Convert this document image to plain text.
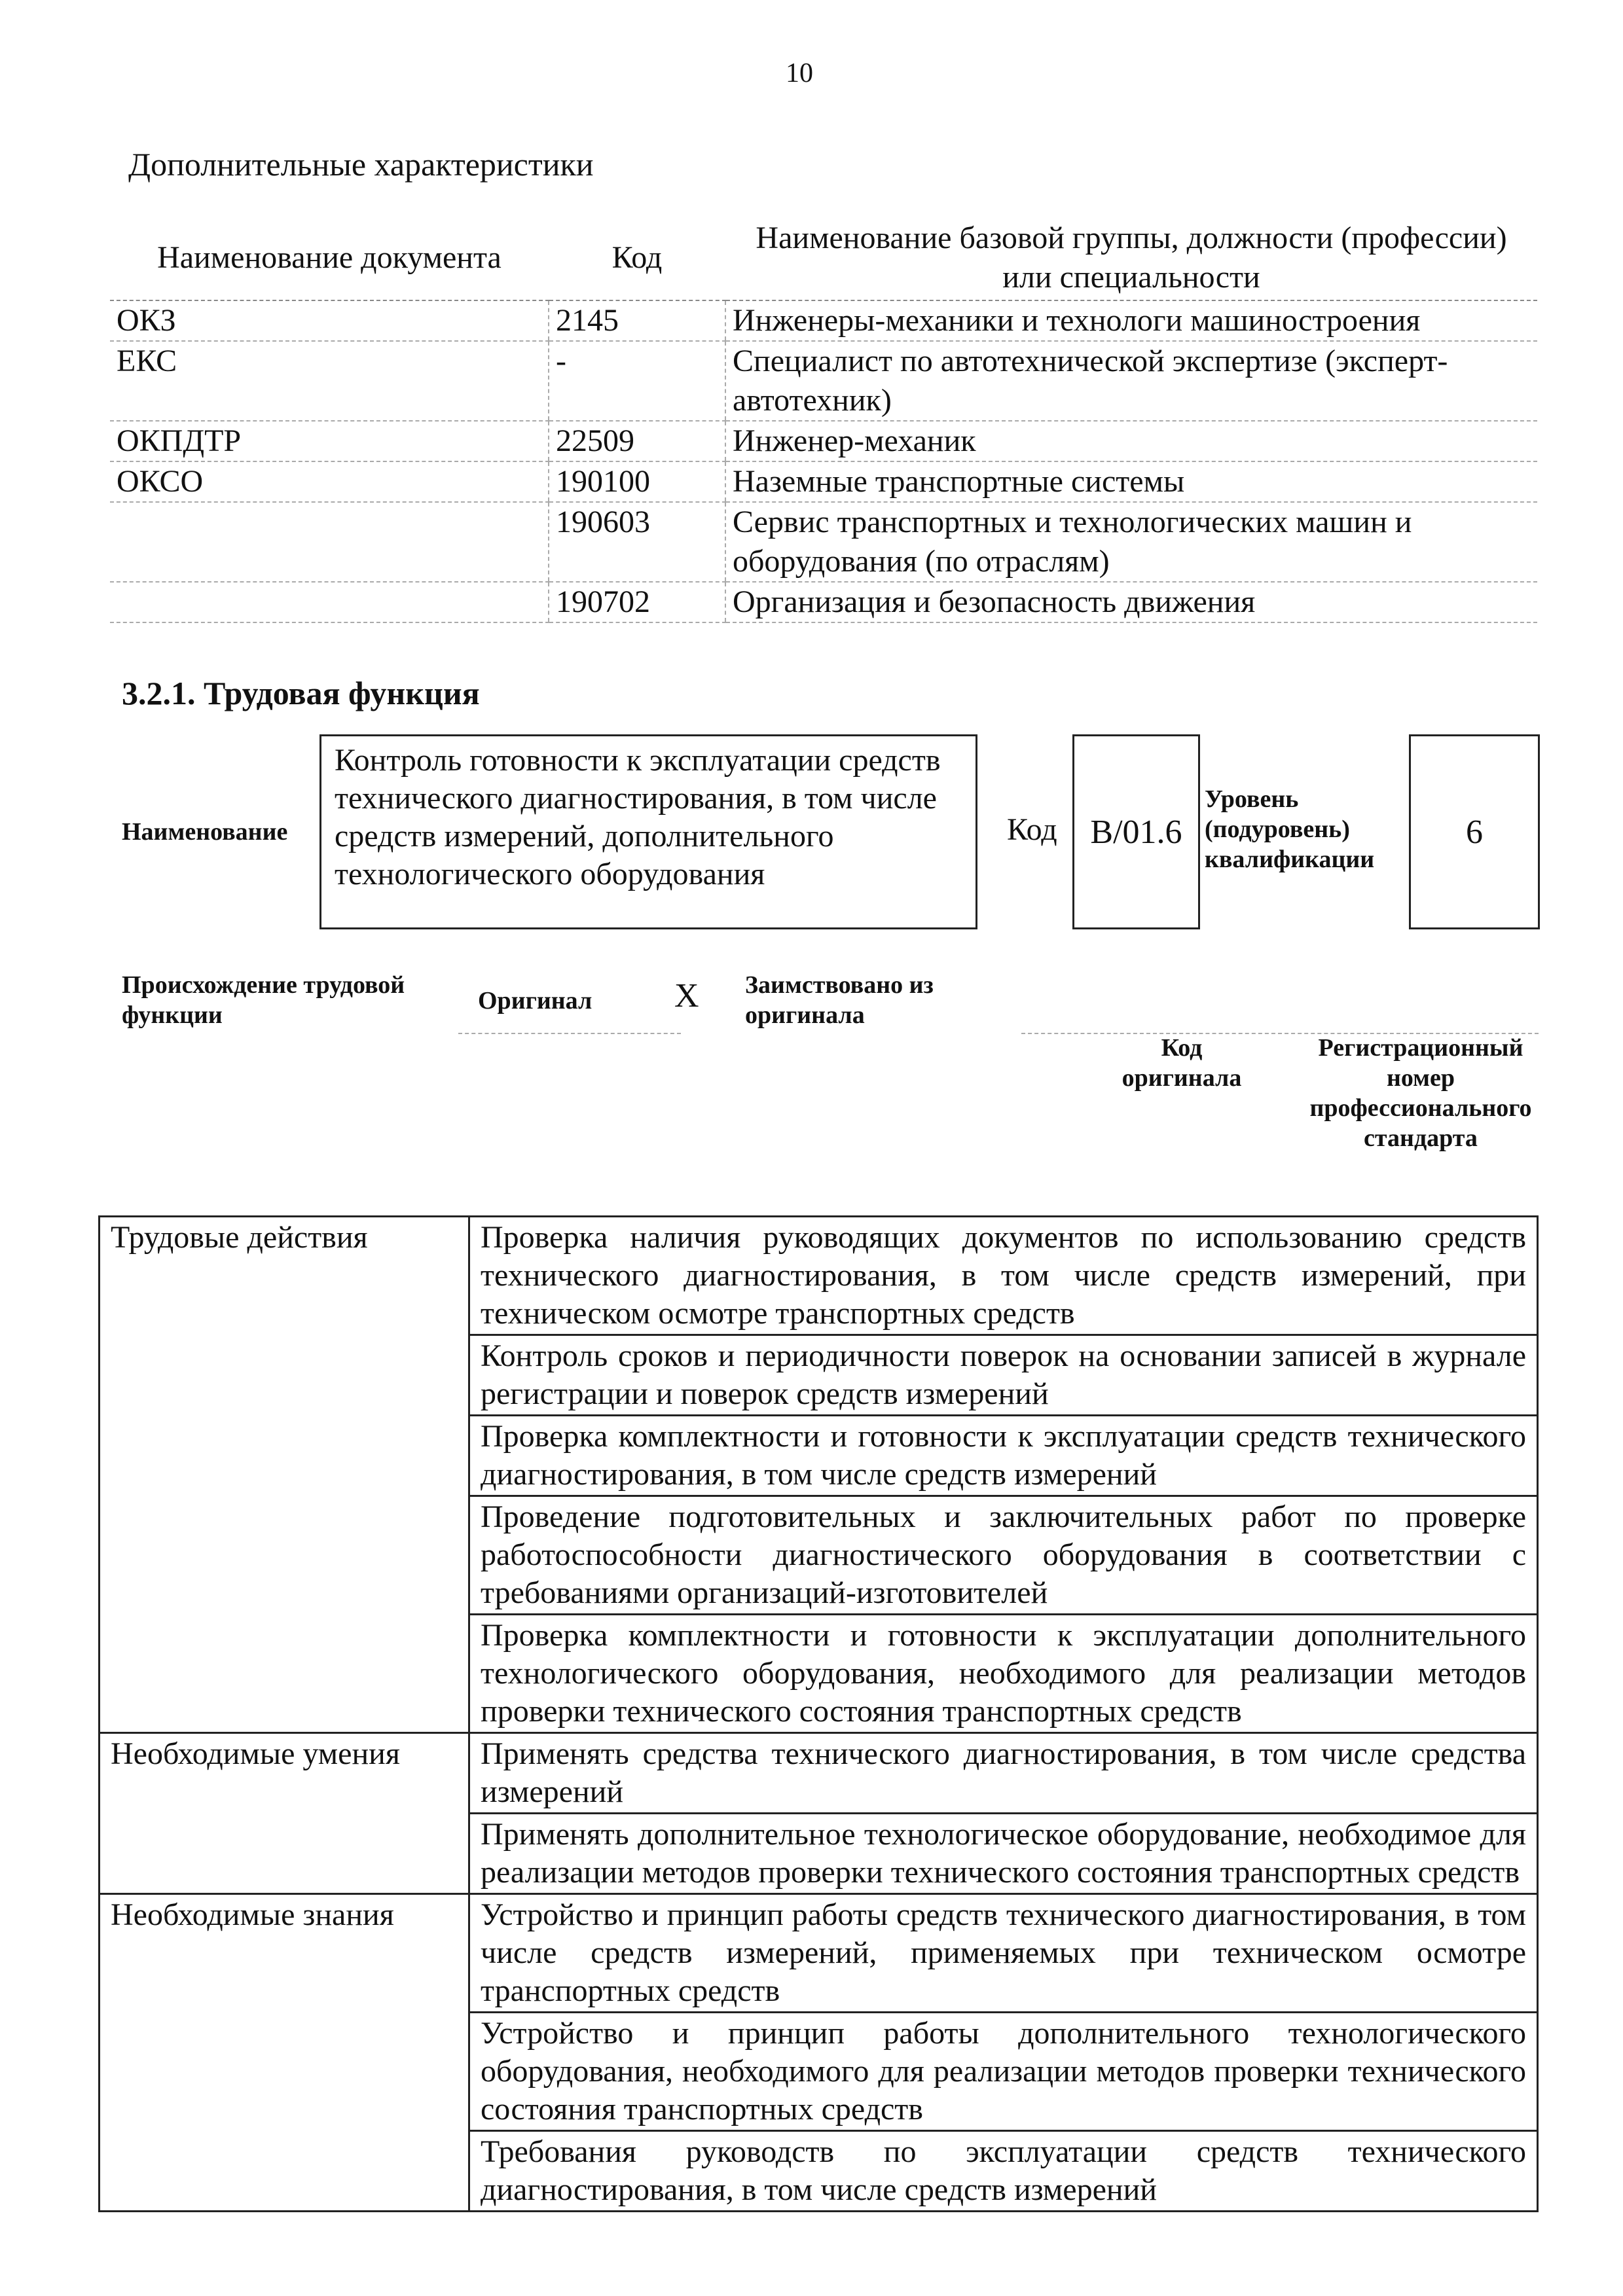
10
Дополнительные характеристики
Наименование документа	Код	Наименование базовой группы, должности (профессии) или специальности
ОКЗ	2145	Инженеры-механики и технологи машиностроения
ЕКС	-	Специалист по автотехнической экспертизе (эксперт-автотехник)
ОКПДТР	22509	Инженер-механик
ОКСО	190100	Наземные транспортные системы
	190603	Сервис транспортных и технологических машин и оборудования (по отраслям)
	190702	Организация и безопасность движения
3.2.1. Трудовая функция
Наименование
Контроль готовности к эксплуатации средств технического диагностирования, в том числе средств измерений, дополнительного технологического оборудования
Код B/01.6
Уровень (подуровень) квалификации
6
Происхождение трудовой функции
Оригинал X Заимствовано из оригинала
Код оригинала
Регистрационный номер профессионального стандарта
Трудовые действия	Проверка наличия руководящих документов по использованию средств технического диагностирования, в том числе средств измерений, при техническом осмотре транспортных средств
	Контроль сроков и периодичности поверок на основании записей в журнале регистрации и поверок средств измерений
	Проверка комплектности и готовности к эксплуатации средств технического диагностирования, в том числе средств измерений
	Проведение подготовительных и заключительных работ по проверке работоспособности диагностического оборудования в соответствии с требованиями организаций-изготовителей
	Проверка комплектности и готовности к эксплуатации дополнительного технологического оборудования, необходимого для реализации методов проверки технического состояния транспортных средств
Необходимые умения	Применять средства технического диагностирования, в том числе средства измерений
	Применять дополнительное технологическое оборудование, необходимое для реализации методов проверки технического состояния транспортных средств
Необходимые знания	Устройство и принцип работы средств технического диагностирования, в том числе средств измерений, применяемых при техническом осмотре транспортных средств
	Устройство и принцип работы дополнительного технологического оборудования, необходимого для реализации методов проверки технического состояния транспортных средств
	Требования руководств по эксплуатации средств технического диагностирования, в том числе средств измерений
